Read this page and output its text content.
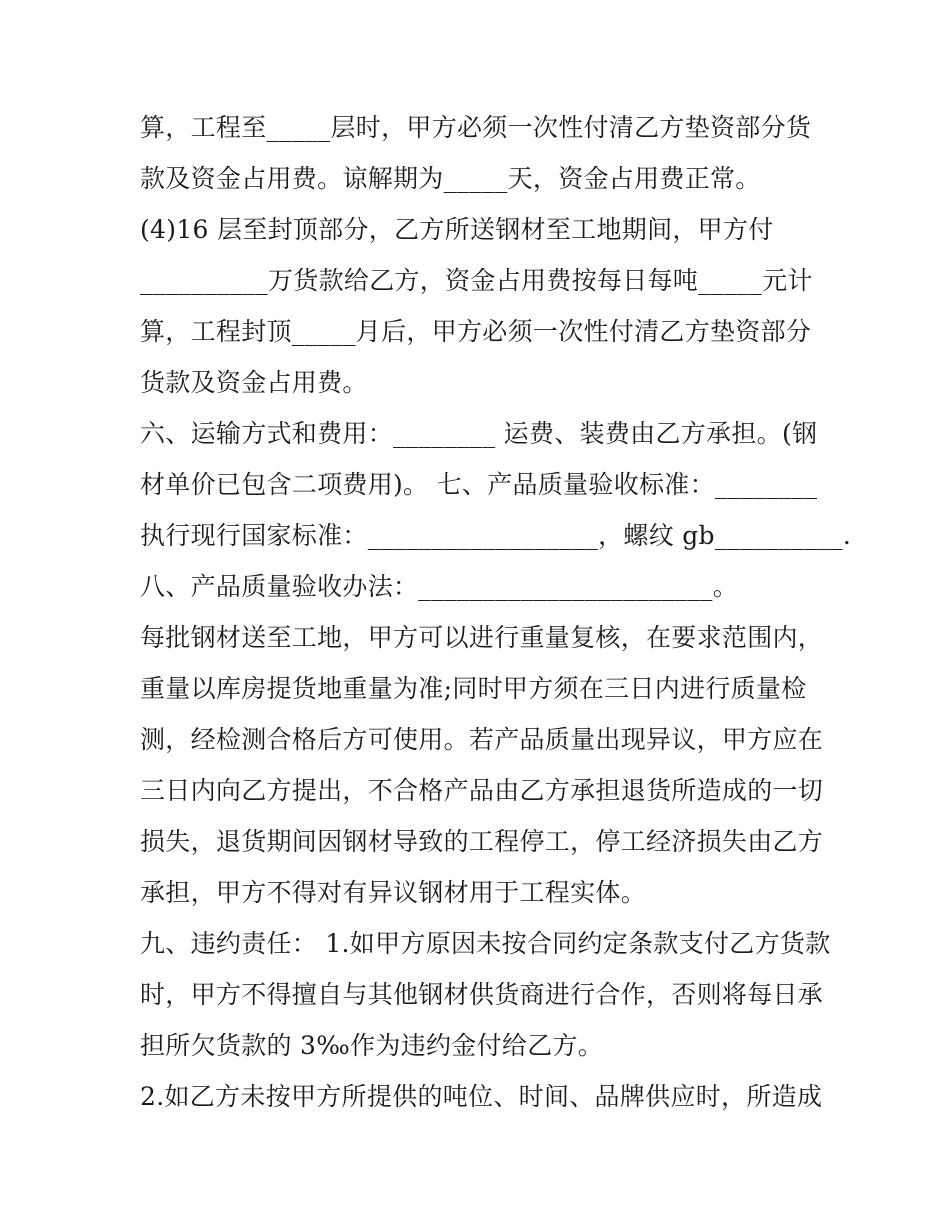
算，工程至_____层时，甲方必须一次性付清乙方垫资部分货
款及资金占用费。谅解期为_____天，资金占用费正常。
(4)16 层至封顶部分，乙方所送钢材至工地期间，甲方付
__________万货款给乙方，资金占用费按每日每吨_____元计
算，工程封顶_____月后，甲方必须一次性付清乙方垫资部分
货款及资金占用费。
六、运输方式和费用：________ 运费、装费由乙方承担。(钢
材单价已包含二项费用)。 七、产品质量验收标准：________
执行现行国家标准：__________________，螺纹 gb__________.
八、产品质量验收办法：_______________________。
每批钢材送至工地，甲方可以进行重量复核，在要求范围内，
重量以库房提货地重量为准;同时甲方须在三日内进行质量检
测，经检测合格后方可使用。若产品质量出现异议，甲方应在
三日内向乙方提出，不合格产品由乙方承担退货所造成的一切
损失，退货期间因钢材导致的工程停工，停工经济损失由乙方
承担，甲方不得对有异议钢材用于工程实体。
九、违约责任： 1.如甲方原因未按合同约定条款支付乙方货款
时，甲方不得擅自与其他钢材供货商进行合作，否则将每日承
担所欠货款的 3‰作为违约金付给乙方。
2.如乙方未按甲方所提供的吨位、时间、品牌供应时，所造成
